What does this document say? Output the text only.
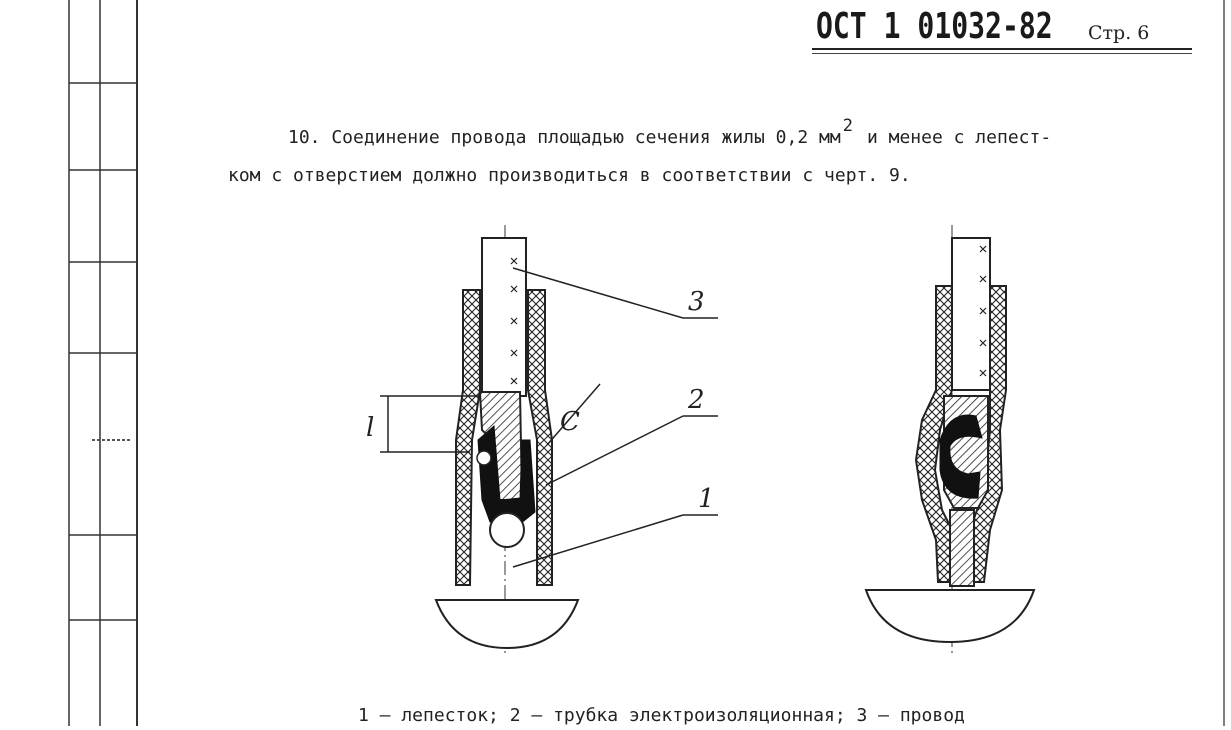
ОСТ 1 01032-82 Стр. 6
10. Соединение провода площадью сечения жилы 0,2 мм2и менее с лепест-
ком с отверстием должно производиться в соответствии с черт. 9.
l	С
3
2
1
1 – лепесток; 2 – трубка электроизоляционная; 3 – провод
